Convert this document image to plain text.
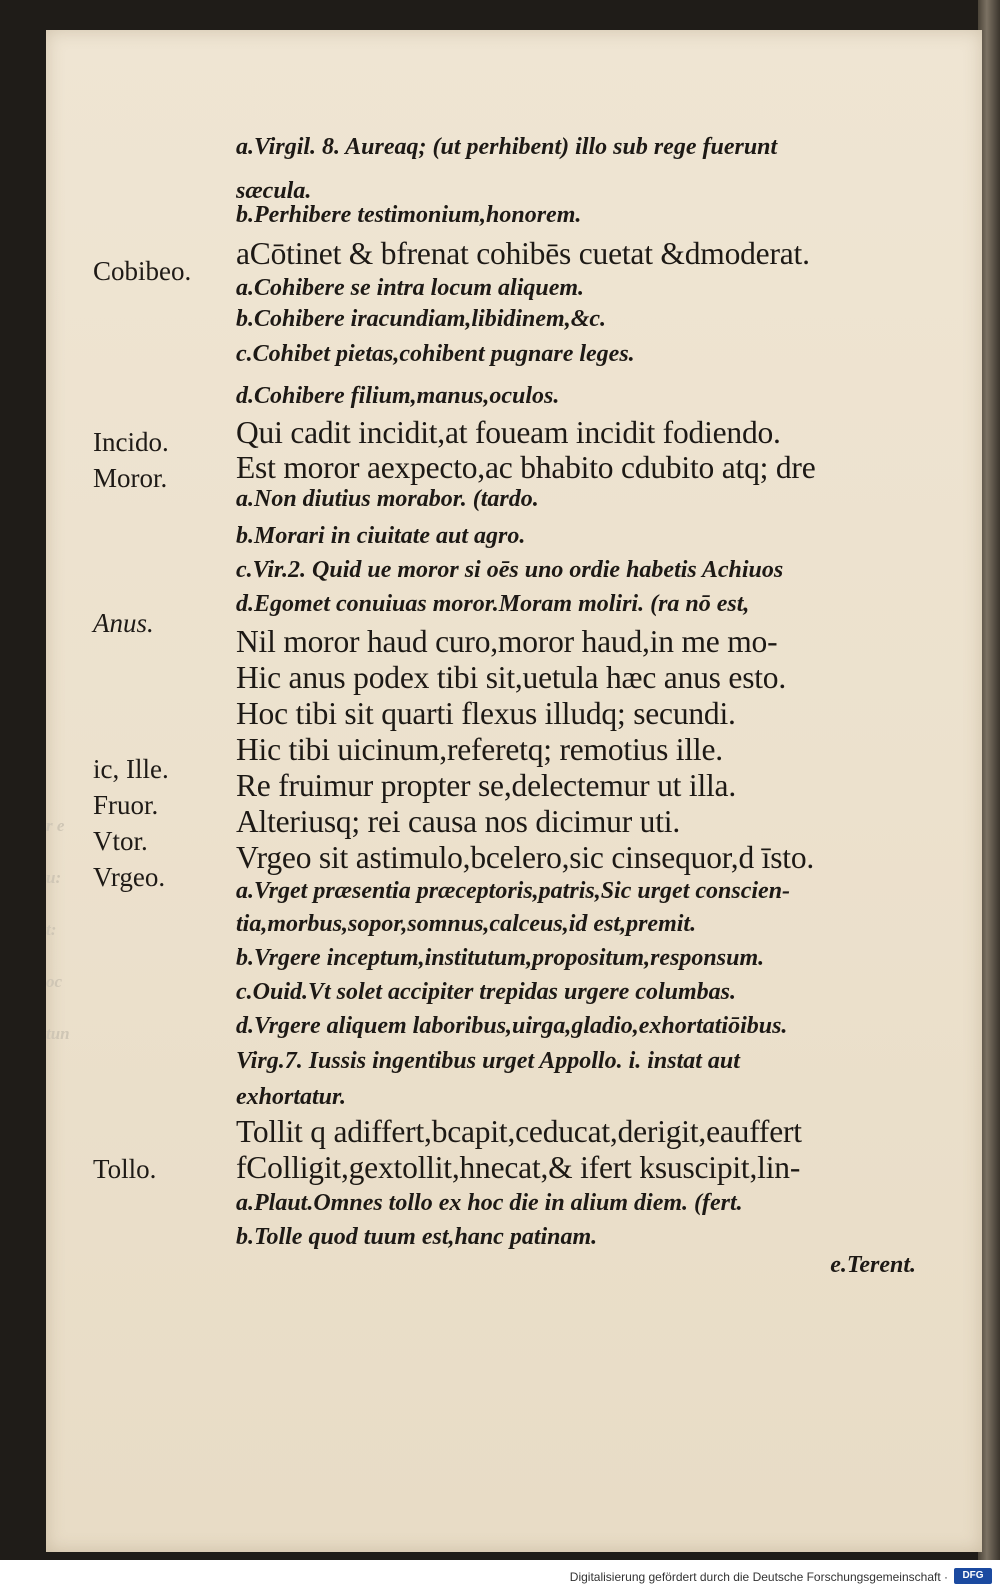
r e
u:
t:
oc
tun
Cobibeo.
Incido.
Moror.
Anus.
ic, Ille.
Fruor.
Vtor.
Vrgeo.
Tollo.
a.Virgil. 8. Aureaq; (ut perhibent) illo sub rege fuerunt
sæcula.
b.Perhibere testimonium,honorem.
aCōtinet & bfrenat cohibēs cuetat &dmoderat.
a.Cohibere se intra locum aliquem.
b.Cohibere iracundiam,libidinem,&c.
c.Cohibet pietas,cohibent pugnare leges.
d.Cohibere filium,manus,oculos.
Qui cadit incidit,at foueam incidit fodiendo.
Est moror aexpecto,ac bhabito cdubito atq; dre
a.Non diutius morabor. (tardo.
b.Morari in ciuitate aut agro.
c.Vir.2. Quid ue moror si oēs uno ordie habetis Achiuos
d.Egomet conuiuas moror.Moram moliri. (ra nō est,
Nil moror haud curo,moror haud,in me mo-
Hic anus podex tibi sit,uetula hæc anus esto.
Hoc tibi sit quarti flexus illudq; secundi.
Hic tibi uicinum,referetq; remotius ille.
Re fruimur propter se,delectemur ut illa.
Alteriusq; rei causa nos dicimur uti.
Vrgeo sit astimulo,bcelero,sic cinsequor,d īsto.
a.Vrget præsentia præceptoris,patris,Sic urget conscien-
tia,morbus,sopor,somnus,calceus,id est,premit.
b.Vrgere inceptum,institutum,propositum,responsum.
c.Ouid.Vt solet accipiter trepidas urgere columbas.
d.Vrgere aliquem laboribus,uirga,gladio,exhortatiōibus.
Virg.7. Iussis ingentibus urget Appollo. i. instat aut
exhortatur.
Tollit q adiffert,bcapit,ceducat,derigit,eauffert
fColligit,gextollit,hnecat,& ifert ksuscipit,lin-
a.Plaut.Omnes tollo ex hoc die in alium diem. (fert.
b.Tolle quod tuum est,hanc patinam.
e.Terent.
Digitalisierung gefördert durch die Deutsche Forschungsgemeinschaft ·	DFG
